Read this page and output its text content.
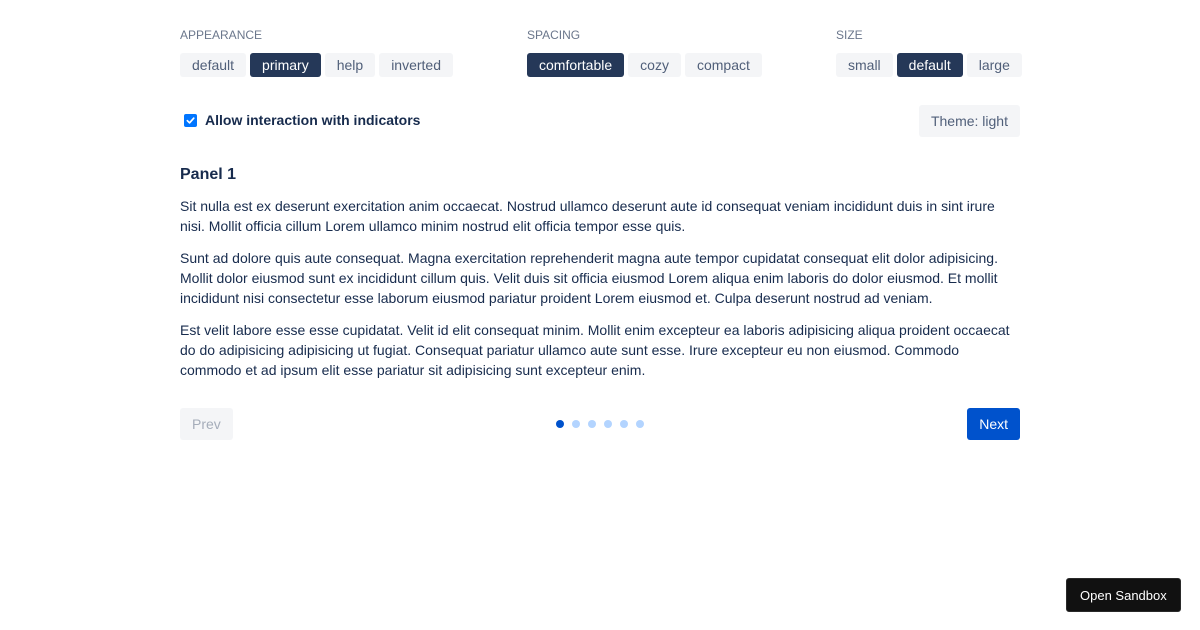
APPEARANCE
default	primary	help	inverted
SPACING
comfortable	cozy	compact
SIZE
small	default	large
Allow interaction with indicators	Theme: light
Panel 1

Sit nulla est ex deserunt exercitation anim occaecat. Nostrud ullamco deserunt aute id consequat veniam incididunt duis in sint irure nisi. Mollit officia cillum Lorem ullamco minim nostrud elit officia tempor esse quis.

Sunt ad dolore quis aute consequat. Magna exercitation reprehenderit magna aute tempor cupidatat consequat elit dolor adipisicing. Mollit dolor eiusmod sunt ex incididunt cillum quis. Velit duis sit officia eiusmod Lorem aliqua enim laboris do dolor eiusmod. Et mollit incididunt nisi consectetur esse laborum eiusmod pariatur proident Lorem eiusmod et. Culpa deserunt nostrud ad veniam.

Est velit labore esse esse cupidatat. Velit id elit consequat minim. Mollit enim excepteur ea laboris adipisicing aliqua proident occaecat do do adipisicing adipisicing ut fugiat. Consequat pariatur ullamco aute sunt esse. Irure excepteur eu non eiusmod. Commodo commodo et ad ipsum elit esse pariatur sit adipisicing sunt excepteur enim.

Prev	Next
Open Sandbox
